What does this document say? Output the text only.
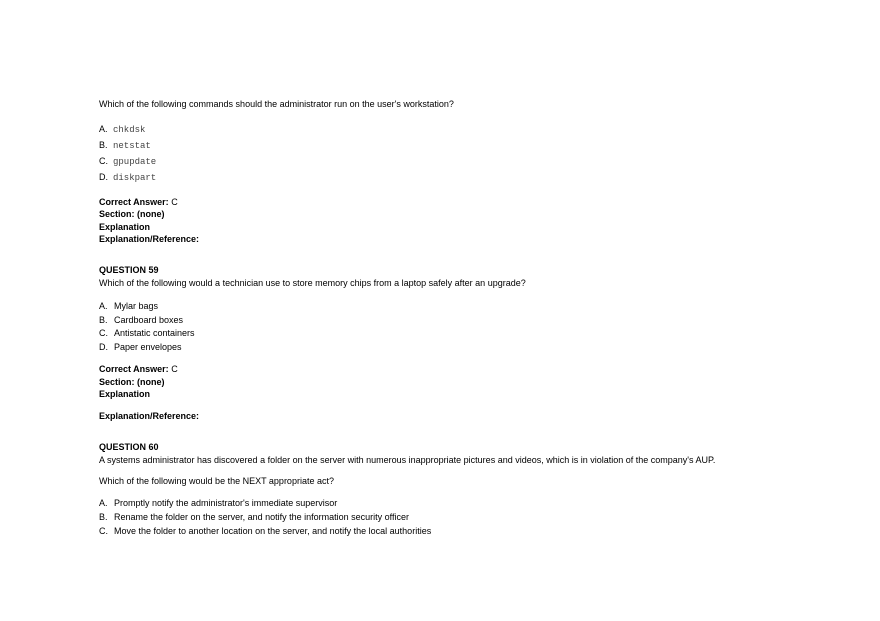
Which of the following commands should the administrator run on the user's workstation?
A. chkdsk
B. netstat
C. gpupdate
D. diskpart
Correct Answer: C
Section: (none)
Explanation
Explanation/Reference:
QUESTION 59
Which of the following would a technician use to store memory chips from a laptop safely after an upgrade?
A. Mylar bags
B. Cardboard boxes
C. Antistatic containers
D. Paper envelopes
Correct Answer: C
Section: (none)
Explanation
Explanation/Reference:
QUESTION 60
A systems administrator has discovered a folder on the server with numerous inappropriate pictures and videos, which is in violation of the company's AUP.
Which of the following would be the NEXT appropriate act?
A. Promptly notify the administrator's immediate supervisor
B. Rename the folder on the server, and notify the information security officer
C. Move the folder to another location on the server, and notify the local authorities
